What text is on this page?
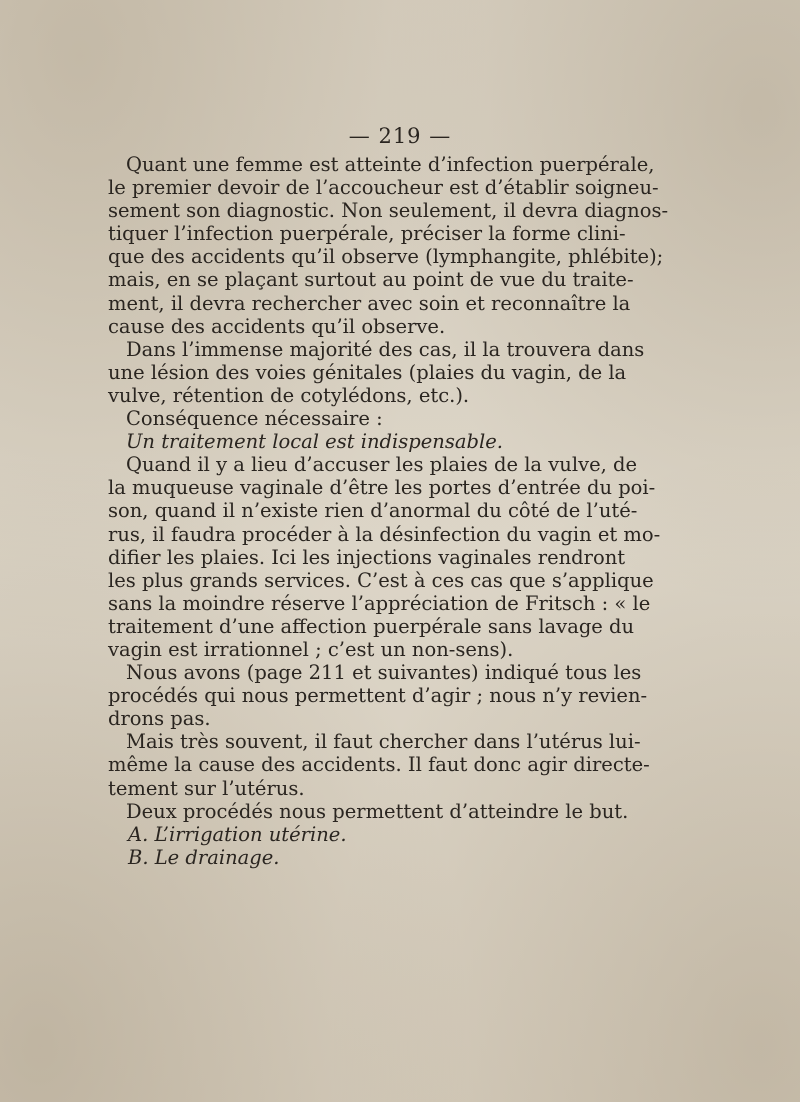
— 219 —
Quant une femme est atteinte d’infection puerpérale,
le premier devoir de l’accoucheur est d’établir soigneu-
sement son diagnostic. Non seulement, il devra diagnos-
tiquer l’infection puerpérale, préciser la forme clini-
que des accidents qu’il observe (lymphangite, phlébite);
mais, en se plaçant surtout au point de vue du traite-
ment, il devra rechercher avec soin et reconnaître la
cause des accidents qu’il observe.
Dans l’immense majorité des cas, il la trouvera dans
une lésion des voies génitales (plaies du vagin, de la
vulve, rétention de cotylédons, etc.).
Conséquence nécessaire :
Un traitement local est indispensable.
Quand il y a lieu d’accuser les plaies de la vulve, de
la muqueuse vaginale d’être les portes d’entrée du poi-
son, quand il n’existe rien d’anormal du côté de l’uté-
rus, il faudra procéder à la désinfection du vagin et mo-
difier les plaies. Ici les injections vaginales rendront
les plus grands services. C’est à ces cas que s’applique
sans la moindre réserve l’appréciation de Fritsch : « le
traitement d’une affection puerpérale sans lavage du
vagin est irrationnel ; c’est un non-sens).
Nous avons (page 211 et suivantes) indiqué tous les
procédés qui nous permettent d’agir ; nous n’y revien-
drons pas.
Mais très souvent, il faut chercher dans l’utérus lui-
même la cause des accidents. Il faut donc agir directe-
tement sur l’utérus.
Deux procédés nous permettent d’atteindre le but.
A. L’irrigation utérine.
B. Le drainage.
